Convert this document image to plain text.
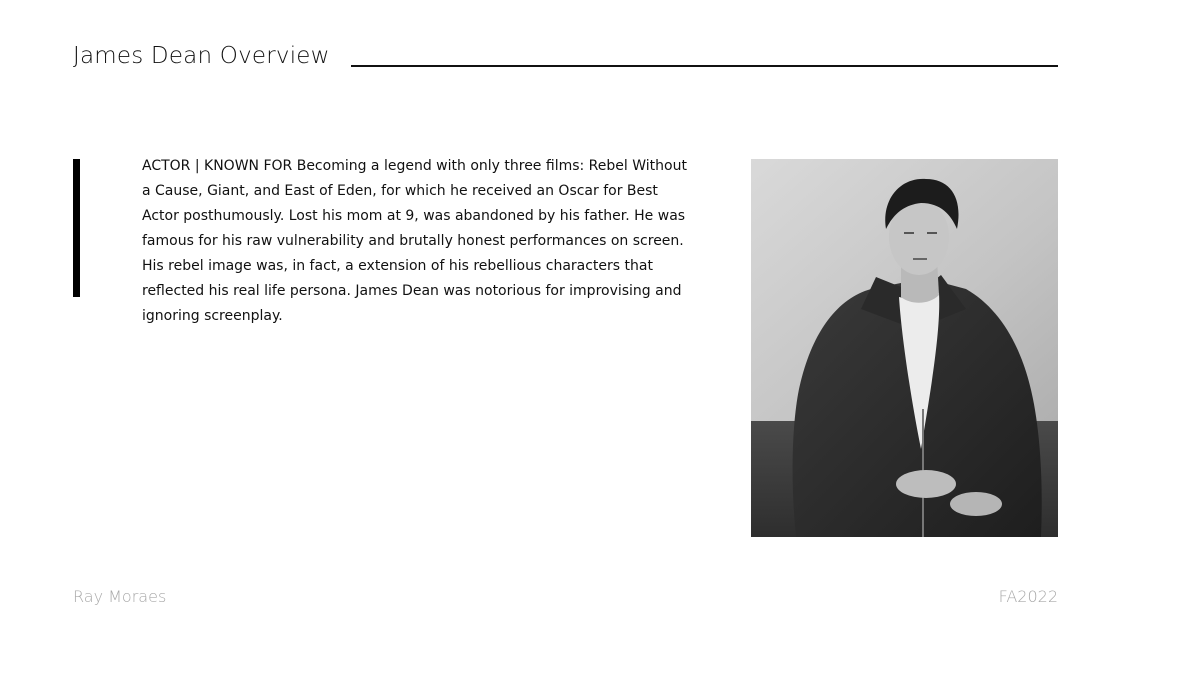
James Dean Overview
ACTOR | KNOWN FOR Becoming a legend with only three films: Rebel Without a Cause, Giant, and East of Eden, for which he received an Oscar for Best Actor posthumously. Lost his mom at 9, was abandoned by his father. He was famous for his raw vulnerability and brutally honest performances on screen. His rebel image was, in fact, a extension of his rebellious characters that reflected his real life persona. James Dean was notorious for improvising and ignoring screenplay.
Ray Moraes	FA2022
